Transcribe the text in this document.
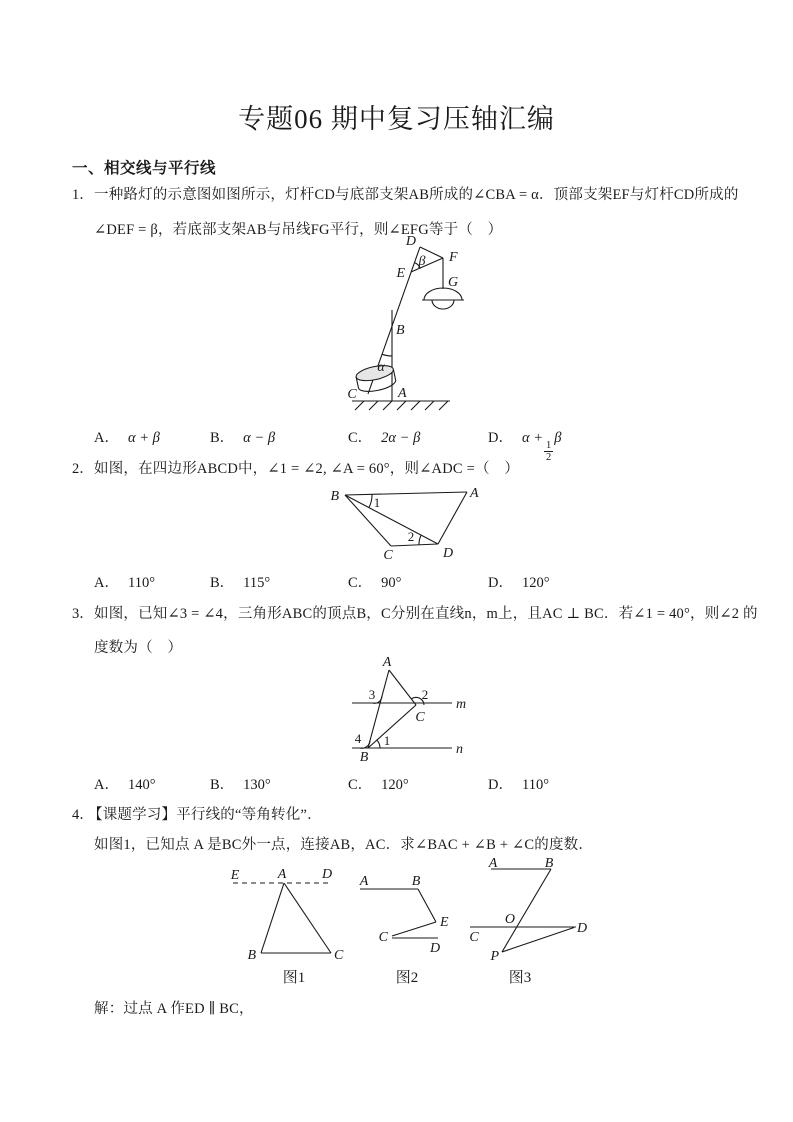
专题06 期中复习压轴汇编
一、相交线与平行线
1． 一种路灯的示意图如图所示，灯杆CD与底部支架AB所成的∠CBA = α．顶部支架EF与灯杆CD所成的
∠DEF = β，若底部支架AB与吊线FG平行，则∠EFG等于（　）
D
F
E
β
G
B
α
A
C
A． α + β	B． α − β	C． 2α − β	D． α +
$\frac{1}{2}$
β
2． 如图，在四边形ABCD中，∠1 = ∠2, ∠A = 60°，则∠ADC =（　）
B	A
C	D
1
2
A． 110°	B． 115°	C． 90°	D． 120°
3． 如图，已知∠3 = ∠4，三角形ABC的顶点B，C分别在直线n，m上，且AC ⊥ BC．若∠1 = 40°，则∠2 的
度数为（　）
A
m
n
C
B
3	2
4 1
A． 140°	B． 130°	C． 120°	D． 110°
4．
【课题学习】平行线的“等角转化”．
如图1，已知点 A 是BC外一点，连接AB，AC．求∠BAC + ∠B + ∠C的度数．
E	A	D
B	C
图1
A	B
E
C
D
图2
A	B
O
C
D
P
图3
解：过点 A 作ED ∥ BC，
